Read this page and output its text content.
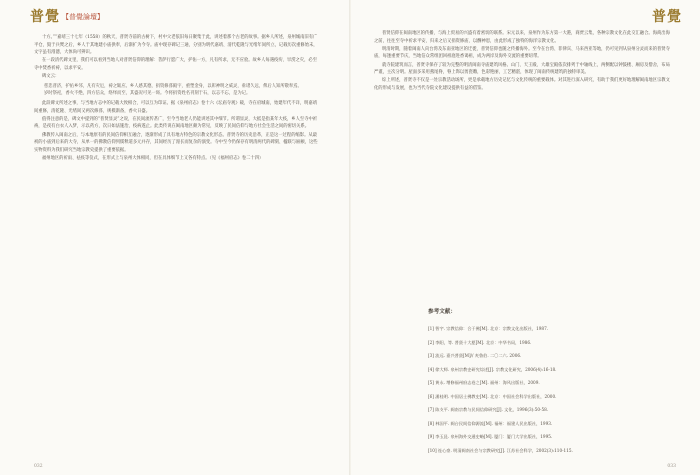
普覺 【普覺論壇】

十方。”“嘉靖三十七年（1558）的秋天，普贤寺前的古树下，村中父老依旧每日聚集于此，讲述着那个古老的故事。据乡人所述，泉州城南旧有广平仓，毁于兵燹之后，乡人于其地建小庙供奉，后渐扩为今寺。庙中现存碑记三通，分别为明代嘉靖、清代乾隆与光绪年间所立，记载历次重修始末，文字虽有漫漶，大体尚可辨识。

在一段清代碑文里，我们可以看到当地人对普贤信仰的理解：菩萨行愿广大，护佑一方，凡有所求，无不应验。故乡人每遇疫疠、旱涝之灾，必至寺中焚香祈祷，以求平安。

碑文云：

慈悲普济，护佑乡邻，凡有灾厄，祷之辄应。乡人感其德，捐资修葺殿宇，重塑金身，以彰神明之威灵，垂诸久远，俾后人知所敬奉焉。岁时祭祀，香火不绝，四方信众，络绎而至，其盛况可见一斑。今将捐资姓名刊刻于石，以志不忘，是为记。

此段碑文所述之事，与当地方志中的记载大致相合，可以互为印证。据《泉州府志》卷十六《坛庙寺观》载，寺在府城南，始建年代不详，明嘉靖间重修，清乾隆、光绪间又两次修葺，规模渐备，香火日盛。

值得注意的是，碑文中提到的“普贤显灵”之说，在民间流传甚广，至今当地老人仍能讲述其中细节。所谓显灵，大抵是指某年大疫，乡人至寺中祈祷，是夜有白衣人入梦，示以药方，次日如法施治，疫病遂止。此类传说在闽南地区颇为常见，反映了民间信仰与地方社会生活之间的密切关系。

佛教传入闽南之后，与本地原有的民间信仰相互融合，逐渐形成了具有地方特色的宗教文化形态。普贤寺的历史沿革，正是这一过程的缩影。从最初的小庙到后来的大寺，从单一的佛教信仰到儒释道多元并存，其间经历了漫长而复杂的演变。寺中至今仍保存有明清两代的碑刻、楹联与匾额，这些实物资料为我们研究当地宗教史提供了重要依据。

福州地区的祈雨、祛疫等仪式，在形式上与泉州大体相同，但在具体细节上又各有特点。（见《福州府志》卷二十四）

032
普覺

普贤信仰在闽南地区的传播，与海上贸易的兴盛有着密切的联系。宋元以来，泉州作为东方第一大港，商贾云集，各种宗教文化在此交汇融合。海商出海之前，往往至寺中祈求平安，归来之后又捐资修庙，以酬神恩，由此形成了独特的海洋宗教文化。

明清时期，随着闽南人向台湾及东南亚地区的迁徙，普贤信仰也随之传播海外。至今在台湾、菲律宾、马来西亚等地，仍可见到从泉州分灵而来的普贤寺庙，每逢重要节庆，当地信众常组团回祖庭进香谒祖，成为两岸及海外交流的重要纽带。

就寺院建筑而言，普贤寺保存了较为完整的明清闽南寺庙建筑风格。山门、天王殿、大雄宝殿依次排列于中轴线上，两侧配以钟鼓楼、厢房及僧舍，布局严谨，主次分明。屋面多采用燕尾脊，脊上饰以剪瓷雕，色彩艳丽，工艺精湛，体现了闽南传统建筑的独特审美。

综上所述，普贤寺不仅是一处宗教活动场所，更是承载地方历史记忆与文化传统的重要载体。对其进行深入研究，有助于我们更好地理解闽南地区宗教文化的形成与发展，也为当代寺院文化建设提供有益的借鉴。

参考文献：
[1] 智宇. 宗教信仰：合于佛[M]. 北京：宗教文化出版社，1987.
[2] 李阳，等. 普贤十大愿[M]. 北京：中华书局，1986.
[3] 流远. 嘉兴普贤[M]// 麦鲁伯. 二〇二六. 2006.
[4] 徐大师. 泉州宗教史研究综述[J]. 宗教文化研究，2006(4):16-18.
[5] 黄永. 增修福州府志卷之[M]. 福州：海风出版社，2009.
[6] 潘桂明. 中国居士佛教史[M]. 北京：中国社会科学出版社，2000.
[7] 陈支平. 闽南宗教与民间信仰研究[J]. 文化，1996(3):50-58.
[8] 林国平. 闽台民间信仰源流[M]. 福州：福建人民出版社，1993.
[9] 李玉昆. 泉州海外交通史略[M]. 厦门：厦门大学出版社，1995.
[10] 连心豪. 明清闽南社会与宗教研究[J]. 江苏社会科学，2002(3):110-115.
033
